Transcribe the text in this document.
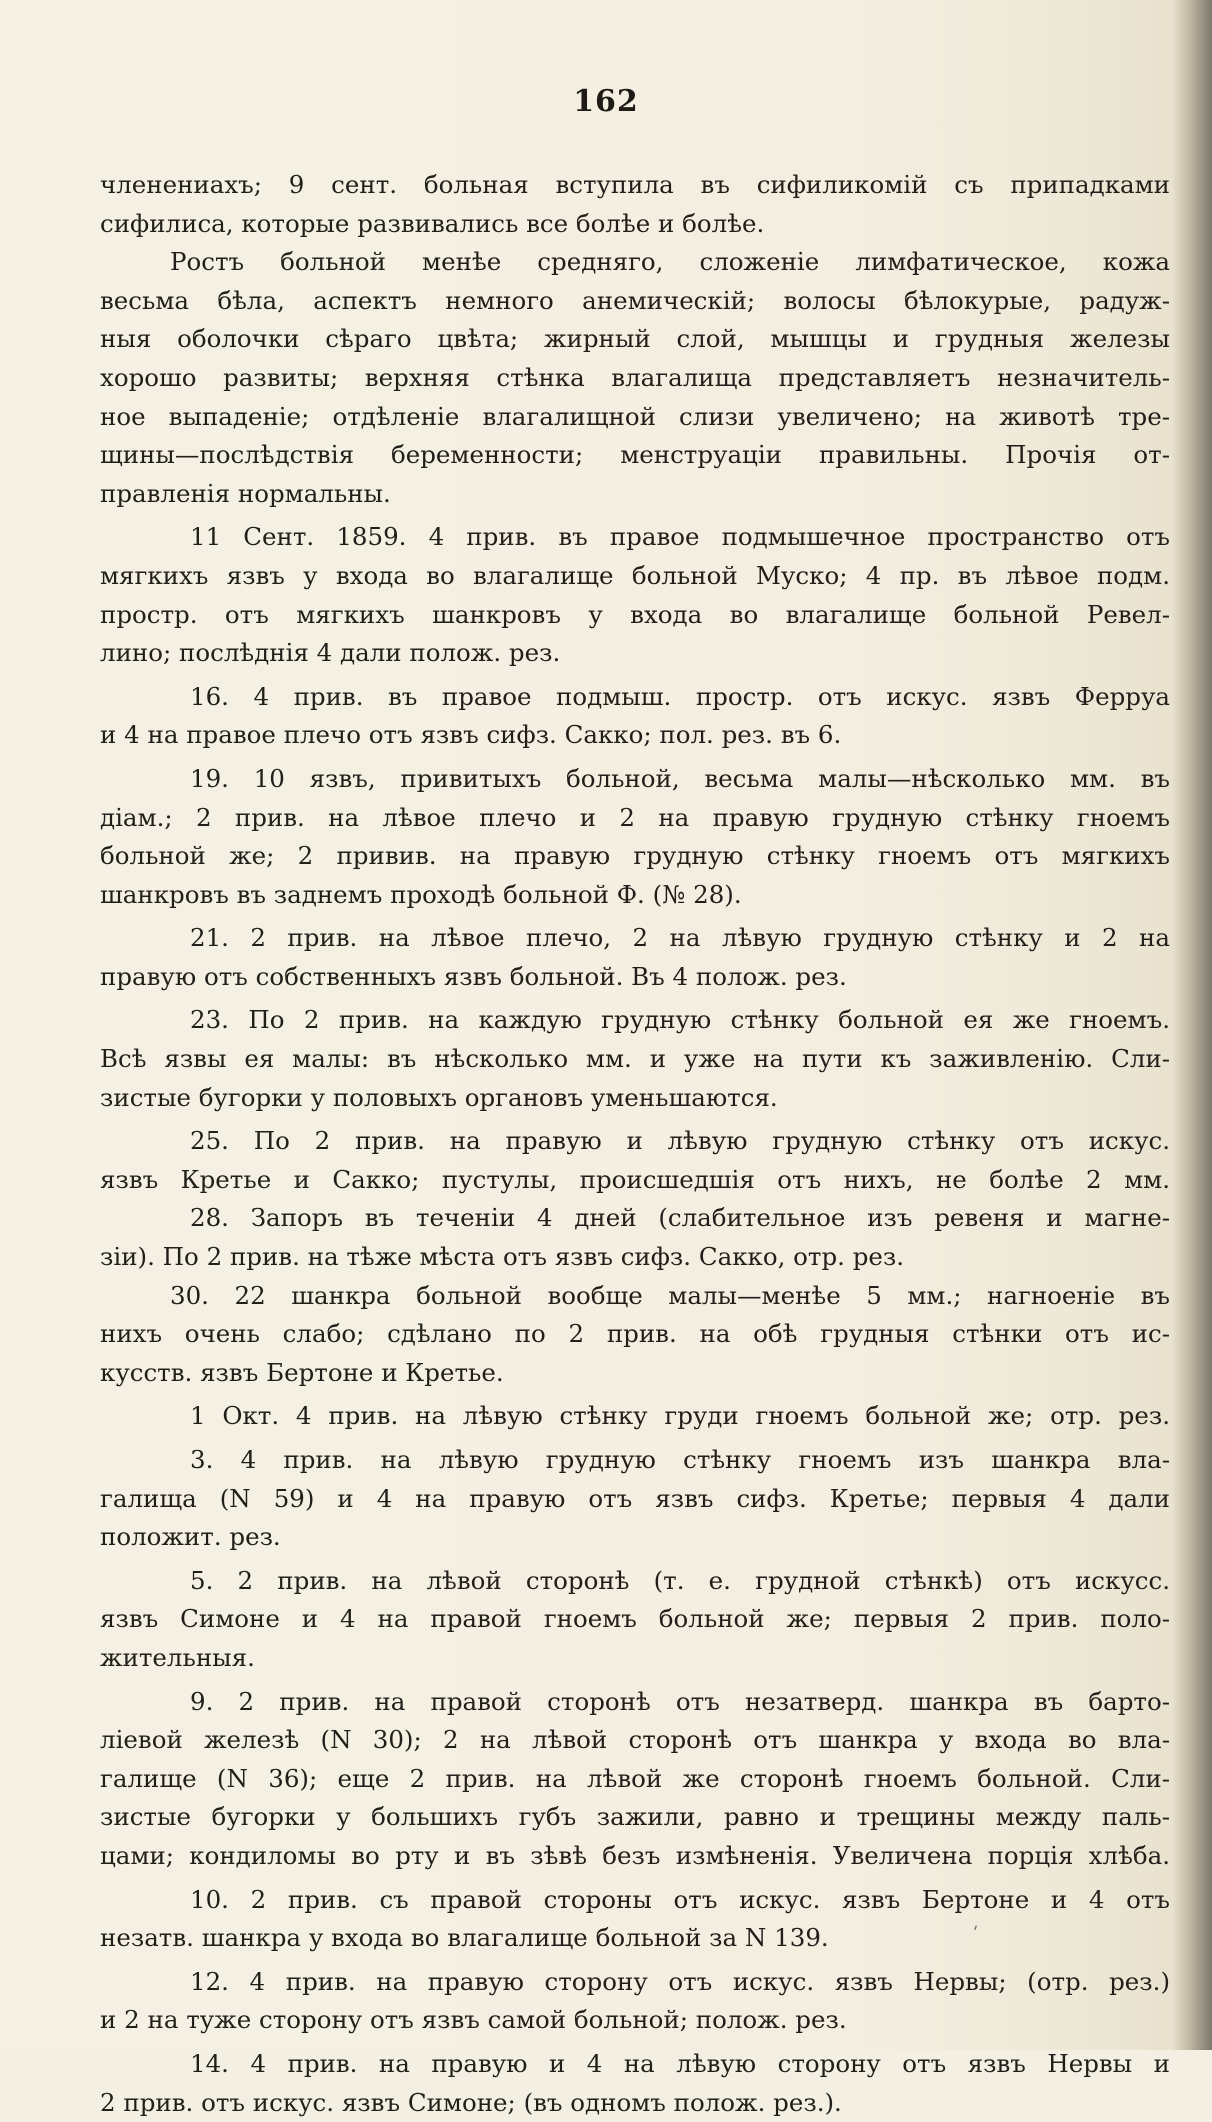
162
членениахъ; 9 сент. больная вступила въ сифиликомій съ припадками
сифилиса, которые развивались все болѣе и болѣе.
Ростъ больной менѣе средняго, сложеніе лимфатическое, кожа
весьма бѣла, аспектъ немного анемическій; волосы бѣлокурые, радуж-
ныя оболочки сѣраго цвѣта; жирный слой, мышцы и грудныя железы
хорошо развиты; верхняя стѣнка влагалища представляетъ незначитель-
ное выпаденіе; отдѣленіе влагалищной слизи увеличено; на животѣ тре-
щины—послѣдствія беременности; менструаціи правильны. Прочія от-
правленія нормальны.
11 Сент. 1859. 4 прив. въ правое подмышечное пространство отъ
мягкихъ язвъ у входа во влагалище больной Муско; 4 пр. въ лѣвое подм.
простр. отъ мягкихъ шанкровъ у входа во влагалище больной Ревел-
лино; послѣднія 4 дали полож. рез.
16. 4 прив. въ правое подмыш. простр. отъ искус. язвъ Ферруа
и 4 на правое плечо отъ язвъ сифз. Сакко; пол. рез. въ 6.
19. 10 язвъ, привитыхъ больной, весьма малы—нѣсколько мм. въ
діам.; 2 прив. на лѣвое плечо и 2 на правую грудную стѣнку гноемъ
больной же; 2 привив. на правую грудную стѣнку гноемъ отъ мягкихъ
шанкровъ въ заднемъ проходѣ больной Ф. (№ 28).
21. 2 прив. на лѣвое плечо, 2 на лѣвую грудную стѣнку и 2 на
правую отъ собственныхъ язвъ больной. Въ 4 полож. рез.
23. По 2 прив. на каждую грудную стѣнку больной ея же гноемъ.
Всѣ язвы ея малы: въ нѣсколько мм. и уже на пути къ заживленію. Сли-
зистые бугорки у половыхъ органовъ уменьшаются.
25. По 2 прив. на правую и лѣвую грудную стѣнку отъ искус.
язвъ Кретье и Сакко; пустулы, происшедшія отъ нихъ, не болѣе 2 мм.
28. Запоръ въ теченіи 4 дней (слабительное изъ ревеня и магне-
зіи). По 2 прив. на тѣже мѣста отъ язвъ сифз. Сакко, отр. рез.
30. 22 шанкра больной вообще малы—менѣе 5 мм.; нагноеніе въ
нихъ очень слабо; сдѣлано по 2 прив. на обѣ грудныя стѣнки отъ ис-
кусств. язвъ Бертоне и Кретье.
1 Окт. 4 прив. на лѣвую стѣнку груди гноемъ больной же; отр. рез.
3. 4 прив. на лѣвую грудную стѣнку гноемъ изъ шанкра вла-
галища (N 59) и 4 на правую отъ язвъ сифз. Кретье; первыя 4 дали
положит. рез.
5. 2 прив. на лѣвой сторонѣ (т. е. грудной стѣнкѣ) отъ искусс.
язвъ Симоне и 4 на правой гноемъ больной же; первыя 2 прив. поло-
жительныя.
9. 2 прив. на правой сторонѣ отъ незатверд. шанкра въ барто-
ліевой железѣ (N 30); 2 на лѣвой сторонѣ отъ шанкра у входа во вла-
галище (N 36); еще 2 прив. на лѣвой же сторонѣ гноемъ больной. Сли-
зистые бугорки у большихъ губъ зажили, равно и трещины между паль-
цами; кондиломы во рту и въ зѣвѣ безъ измѣненія. Увеличена порція хлѣба.
10. 2 прив. съ правой стороны отъ искус. язвъ Бертоне и 4 отъ
незатв. шанкра у входа во влагалище больной за N 139.
12. 4 прив. на правую сторону отъ искус. язвъ Нервы; (отр. рез.)
и 2 на туже сторону отъ язвъ самой больной; полож. рез.
14. 4 прив. на правую и 4 на лѣвую сторону отъ язвъ Нервы и
2 прив. отъ искус. язвъ Симоне; (въ одномъ полож. рез.).
'
